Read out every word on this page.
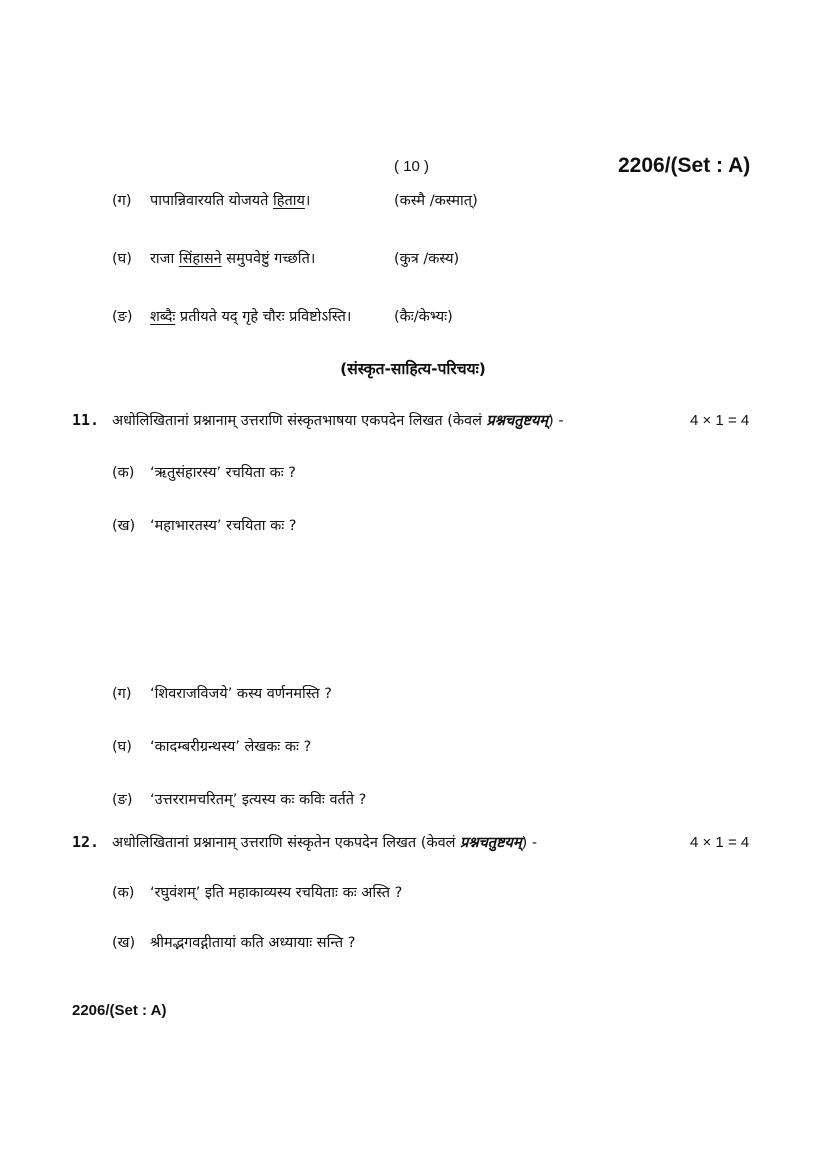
( 10 )	2206/(Set : A)
(ग) पापान्निवारयति योजयते हिताय।	(कस्मै /कस्मात्)
(घ) राजा सिंहासने समुपवेष्टुं गच्छति।	(कुत्र /कस्य)
(ङ) शब्दैः प्रतीयते यद् गृहे चौरः प्रविष्टोऽस्ति।	(कैः/केभ्यः)
(संस्कृत-साहित्य-परिचयः)
11. अधोलिखितानां प्रश्नानाम् उत्तराणि संस्कृतभाषया एकपदेन लिखत (केवलं प्रश्नचतुष्टयम्) -	4 × 1 = 4
(क) ‘ऋतुसंहारस्य’ रचयिता कः ?
(ख) ‘महाभारतस्य’ रचयिता कः ?
(ग) ‘शिवराजविजये’ कस्य वर्णनमस्ति ?
(घ) ‘कादम्बरीग्रन्थस्य’ लेखकः कः ?
(ङ) ‘उत्तररामचरितम्’ इत्यस्य कः कविः वर्तते ?
12. अधोलिखितानां प्रश्नानाम् उत्तराणि संस्कृतेन एकपदेन लिखत (केवलं प्रश्नचतुष्टयम्) -	4 × 1 = 4
(क) ‘रघुवंशम्’ इति महाकाव्यस्य रचयिताः कः अस्ति ?
(ख) श्रीमद्भगवद्गीतायां कति अध्यायाः सन्ति ?
2206/(Set : A)
